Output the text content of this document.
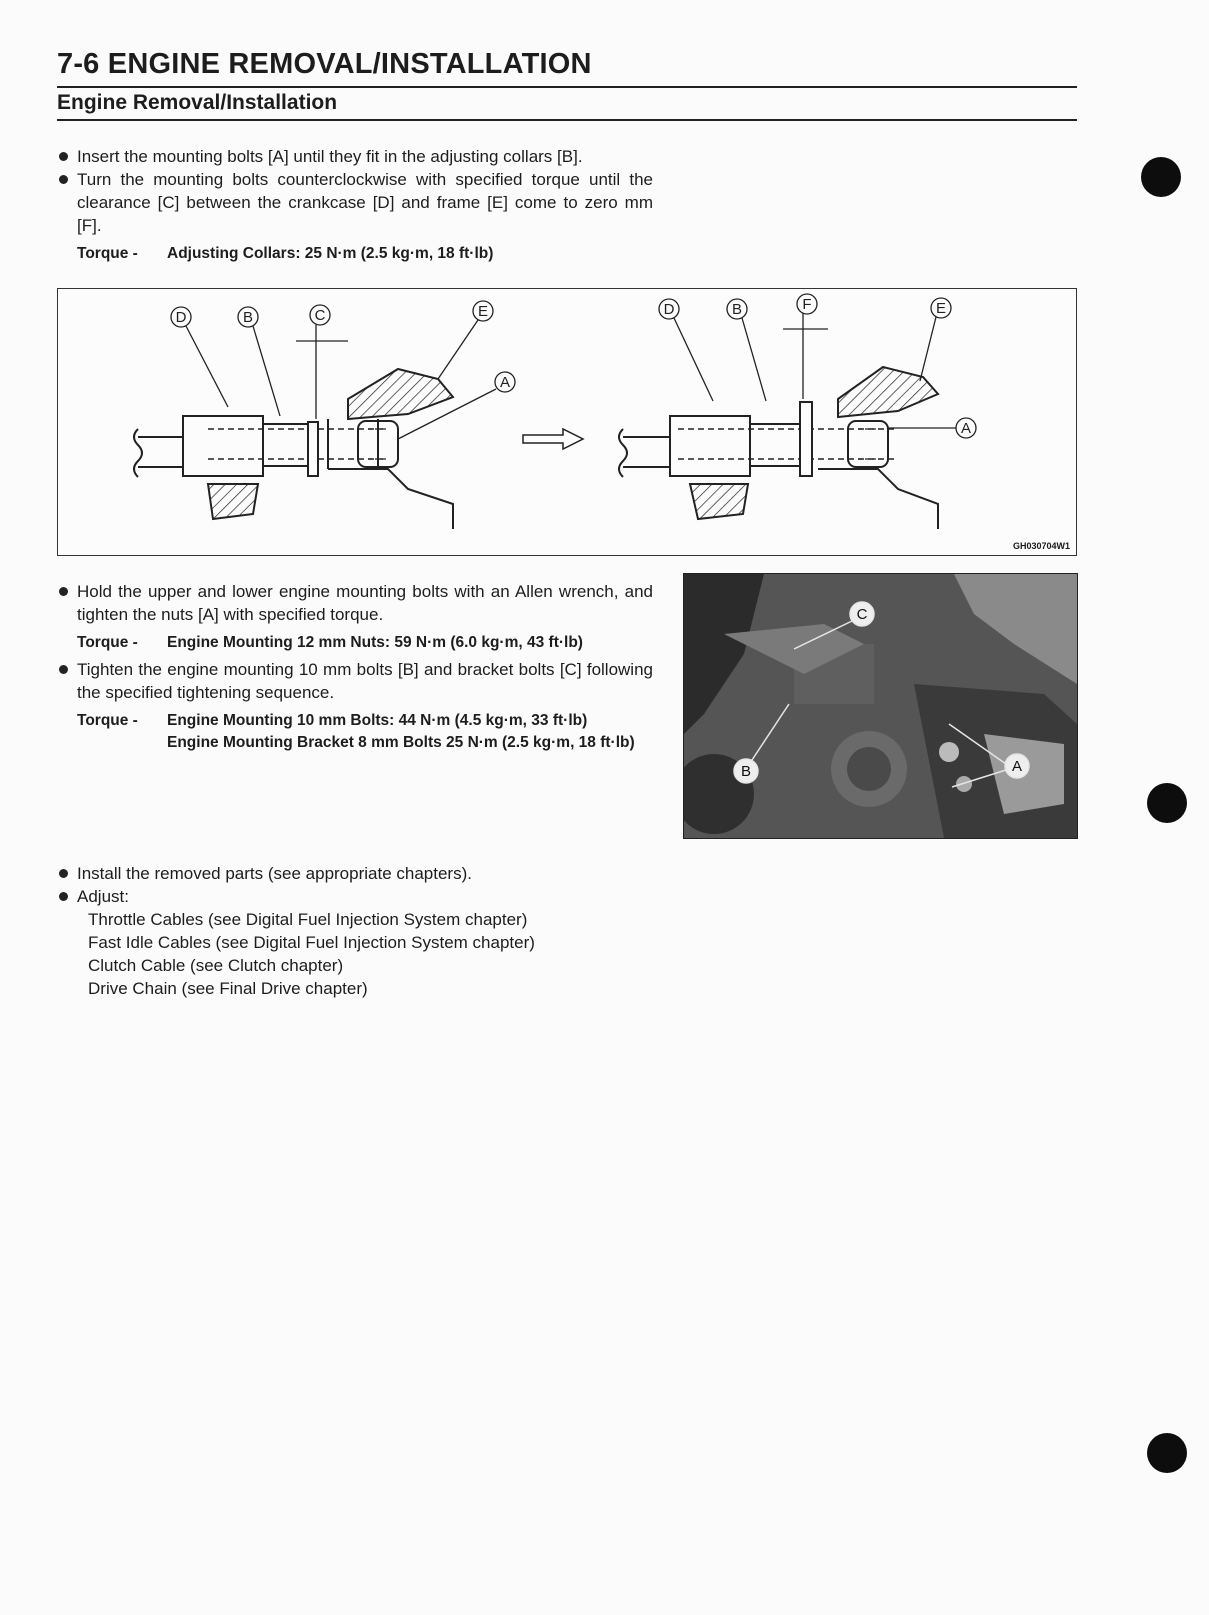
7-6 ENGINE REMOVAL/INSTALLATION
Engine Removal/Installation
Insert the mounting bolts [A] until they fit in the adjusting collars [B].
Turn the mounting bolts counterclockwise with specified torque until the clearance [C] between the crankcase [D] and frame [E] come to zero mm [F].
Torque - Adjusting Collars: 25 N·m (2.5 kg·m, 18 ft·lb)
D	B	C	E
A
D	B	F	E
A
GH030704W1
Hold the upper and lower engine mounting bolts with an Allen wrench, and tighten the nuts [A] with specified torque.
Torque - Engine Mounting 12 mm Nuts: 59 N·m (6.0 kg·m, 43 ft·lb)
Tighten the engine mounting 10 mm bolts [B] and bracket bolts [C] following the specified tightening sequence.
Torque - Engine Mounting 10 mm Bolts: 44 N·m (4.5 kg·m, 33 ft·lb)
Engine Mounting Bracket 8 mm Bolts 25 N·m (2.5 kg·m, 18 ft·lb)
C
B	A
Install the removed parts (see appropriate chapters).
Adjust:
Throttle Cables (see Digital Fuel Injection System chapter)
Fast Idle Cables (see Digital Fuel Injection System chapter)
Clutch Cable (see Clutch chapter)
Drive Chain (see Final Drive chapter)
